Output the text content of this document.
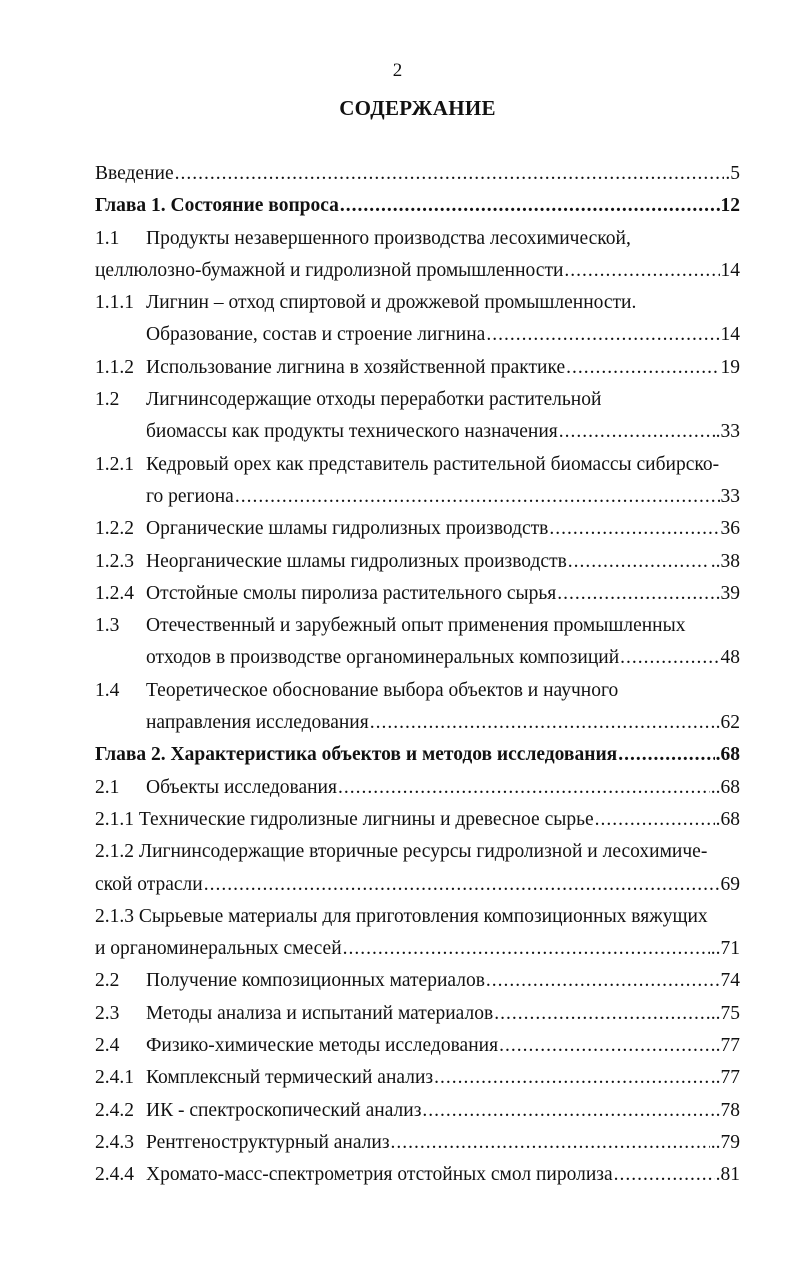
2
СОДЕРЖАНИЕ
Введение .....	.5
Глава 1. Состояние вопроса .....	12
1.1	Продукты незавершенного производства лесохимической,
целлюлозно-бумажной и гидролизной промышленности .....	14
1.1.1 Лигнин – отход спиртовой и дрожжевой промышленности.
Образование, состав и строение лигнина .....	14
1.1.2 Использование лигнина в хозяйственной практике .....	19
1.2	Лигнинсодержащие отходы переработки растительной
биомассы как продукты технического назначения .....	.33
1.2.1 Кедровый орех как представитель растительной биомассы сибирско-
го региона .....	33
1.2.2 Органические шламы гидролизных производств .....	36
1.2.3 Неорганические шламы гидролизных производств .....	..38
1.2.4 Отстойные смолы пиролиза растительного сырья .....	.39
1.3	Отечественный и зарубежный опыт применения промышленных
отходов в производстве органоминеральных композиций .....	48
1.4	Теоретическое обоснование выбора объектов и научного
направления исследования .....	.62
Глава 2. Характеристика объектов и методов исследования .....	.68
2.1	Объекты исследования .....	..68
2.1.1 Технические гидролизные лигнины и древесное сырье .....	.68
2.1.2 Лигнинсодержащие вторичные ресурсы гидролизной и лесохимиче-
ской отрасли .....	69
2.1.3 Сырьевые материалы для приготовления композиционных вяжущих
и органоминеральных смесей .....	..71
2.2	Получение композиционных материалов .....	74
2.3	Методы анализа и испытаний материалов .....	..75
2.4	Физико-химические методы исследования .....	.77
2.4.1 Комплексный термический анализ .....	..77
2.4.2 ИК - спектроскопический анализ .....	.78
2.4.3 Рентгеноструктурный анализ .....	..79
2.4.4 Хромато-масс-спектрометрия отстойных смол пиролиза .....	.81
